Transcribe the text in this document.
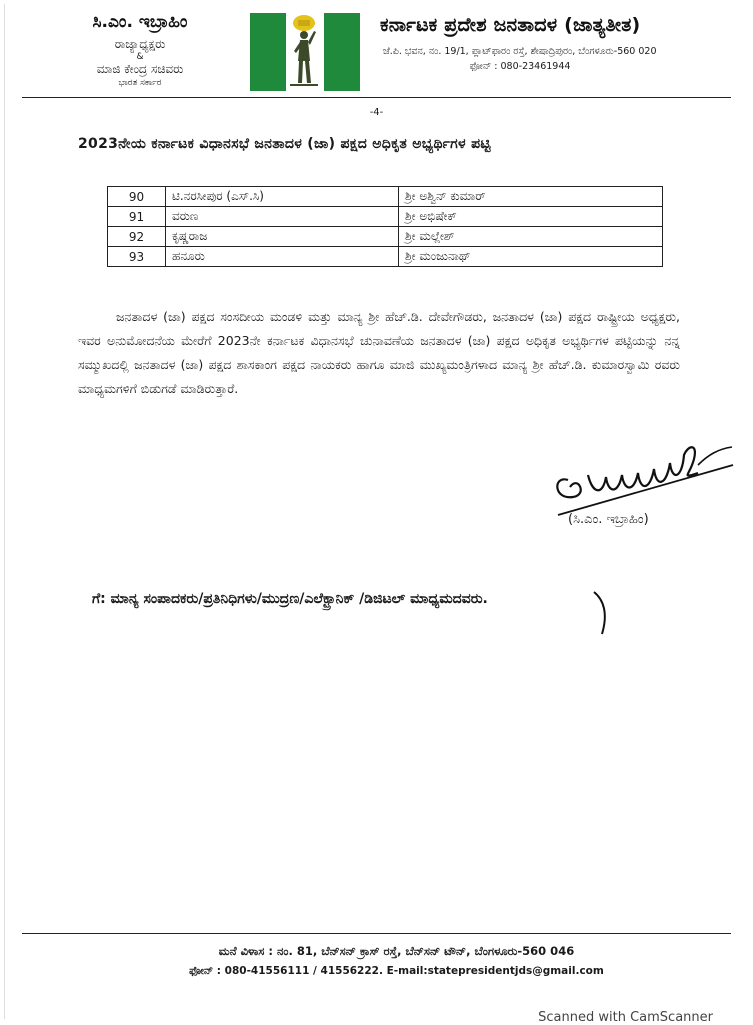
ಸಿ.ಎಂ. ಇಬ್ರಾಹಿಂ
ರಾಜ್ಯಾಧ್ಯಕ್ಷರು
&
ಮಾಜಿ ಕೇಂದ್ರ ಸಚಿವರು
ಭಾರತ ಸರ್ಕಾರ
ಕರ್ನಾಟಕ ಪ್ರದೇಶ ಜನತಾದಳ (ಜಾತ್ಯತೀತ)
ಜೆ.ಪಿ. ಭವನ, ನಂ. 19/1, ಪ್ಲಾಟ್‌ಫಾರಂ ರಸ್ತೆ, ಶೇಷಾದ್ರಿಪುರಂ, ಬೆಂಗಳೂರು-560 020
ಫೋನ್ : 080-23461944
-4-
2023ನೇಯ ಕರ್ನಾಟಕ ವಿಧಾನಸಭೆ ಜನತಾದಳ (ಜಾ) ಪಕ್ಷದ ಅಧಿಕೃತ ಅಭ್ಯರ್ಥಿಗಳ ಪಟ್ಟಿ
90	ಟಿ.ನರಸೀಪುರ (ಎಸ್.ಸಿ)	ಶ್ರೀ ಅಶ್ವಿನ್ ಕುಮಾರ್
91	ವರುಣ	ಶ್ರೀ ಅಭಿಷೇಕ್
92	ಕೃಷ್ಣರಾಜ	ಶ್ರೀ ಮಲ್ಲೇಶ್
93	ಹನೂರು	ಶ್ರೀ ಮಂಜುನಾಥ್

ಜನತಾದಳ (ಜಾ) ಪಕ್ಷದ ಸಂಸದೀಯ ಮಂಡಳಿ ಮತ್ತು ಮಾನ್ಯ ಶ್ರೀ ಹೆಚ್.ಡಿ. ದೇವೇಗೌಡರು, ಜನತಾದಳ (ಜಾ) ಪಕ್ಷದ ರಾಷ್ಟ್ರೀಯ ಅಧ್ಯಕ್ಷರು, ಇವರ ಅನುಮೋದನೆಯ ಮೇರೆಗೆ 2023ನೇ ಕರ್ನಾಟಕ ವಿಧಾನಸಭೆ ಚುನಾವಣೆಯ ಜನತಾದಳ (ಜಾ) ಪಕ್ಷದ ಅಧಿಕೃತ ಅಭ್ಯರ್ಥಿಗಳ ಪಟ್ಟಿಯನ್ನು ನನ್ನ ಸಮ್ಮುಖದಲ್ಲಿ ಜನತಾದಳ (ಜಾ) ಪಕ್ಷದ ಶಾಸಕಾಂಗ ಪಕ್ಷದ ನಾಯಕರು ಹಾಗೂ ಮಾಜಿ ಮುಖ್ಯಮಂತ್ರಿಗಳಾದ ಮಾನ್ಯ ಶ್ರೀ ಹೆಚ್.ಡಿ. ಕುಮಾರಸ್ವಾಮಿ ರವರು ಮಾಧ್ಯಮಗಳಿಗೆ ಬಿಡುಗಡೆ ಮಾಡಿರುತ್ತಾರೆ.

(ಸಿ.ಎಂ. ಇಬ್ರಾಹಿಂ)
ಗೆ: ಮಾನ್ಯ ಸಂಪಾದಕರು/ಪ್ರತಿನಿಧಿಗಳು/ಮುದ್ರಣ/ಎಲೆಕ್ಟ್ರಾನಿಕ್ /ಡಿಜಿಟಲ್ ಮಾಧ್ಯಮದವರು.
ಮನೆ ವಿಳಾಸ : ನಂ. 81, ಬೆನ್‌ಸನ್ ಕ್ರಾಸ್ ರಸ್ತೆ, ಬೆನ್‌ಸನ್ ಟೌನ್, ಬೆಂಗಳೂರು-560 046
ಫೋನ್ : 080-41556111 / 41556222. E-mail:statepresidentjds@gmail.com
Scanned with CamScanner
